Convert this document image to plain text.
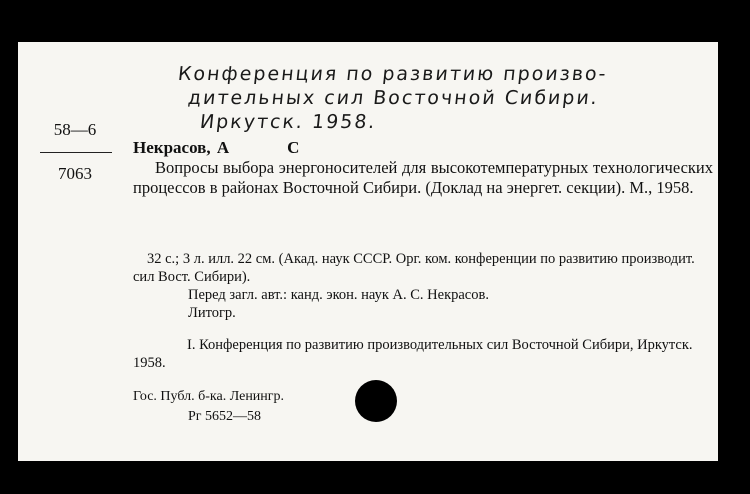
Конференция по развитию произво-
дительных сил Восточной Сибири.
Иркутск. 1958.
58—6
7063
Некрасов, А	С
Вопросы выбора энергоносителей для высокотемпературных технологических процессов в районах Восточной Сибири. (Доклад на энергет. секции). М., 1958.
32 с.; 3 л. илл. 22 см. (Акад. наук СССР. Орг. ком. конференции по развитию производит. сил Вост. Сибири).
Перед загл. авт.: канд. экон. наук А. С. Некрасов.
Литогр.
I. Конференция по развитию производительных сил Восточной Сибири, Иркутск. 1958.
Гос. Публ. б-ка. Ленингр.
Рг 5652—58
